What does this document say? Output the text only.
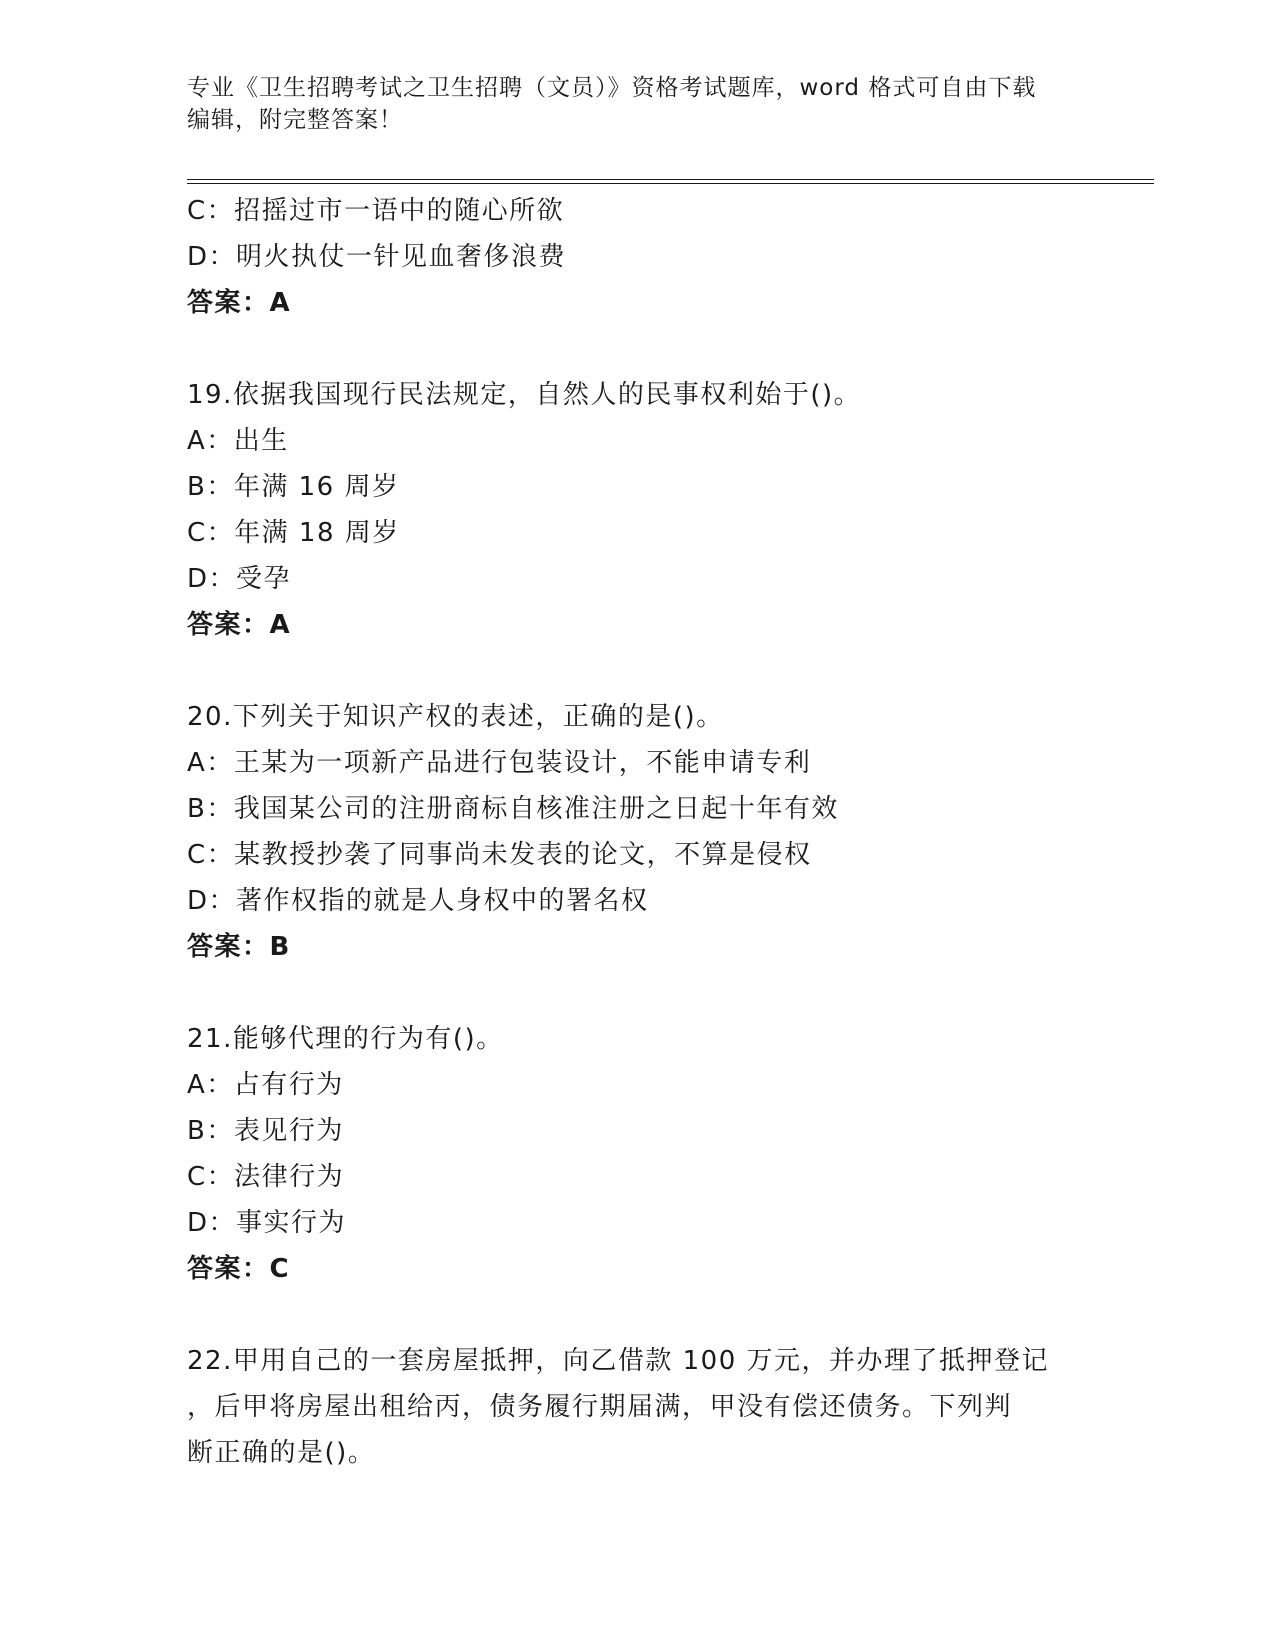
专业《卫生招聘考试之卫生招聘（文员）》资格考试题库，word 格式可自由下载
编辑，附完整答案！
C：招摇过市一语中的随心所欲
D：明火执仗一针见血奢侈浪费
答案：A
19.依据我国现行民法规定，自然人的民事权利始于()。
A：出生
B：年满 16 周岁
C：年满 18 周岁
D：受孕
答案：A
20.下列关于知识产权的表述，正确的是()。
A：王某为一项新产品进行包装设计，不能申请专利
B：我国某公司的注册商标自核准注册之日起十年有效
C：某教授抄袭了同事尚未发表的论文，不算是侵权
D：著作权指的就是人身权中的署名权
答案：B
21.能够代理的行为有()。
A：占有行为
B：表见行为
C：法律行为
D：事实行为
答案：C
22.甲用自己的一套房屋抵押，向乙借款 100 万元，并办理了抵押登记
，后甲将房屋出租给丙，债务履行期届满，甲没有偿还债务。下列判
断正确的是()。
